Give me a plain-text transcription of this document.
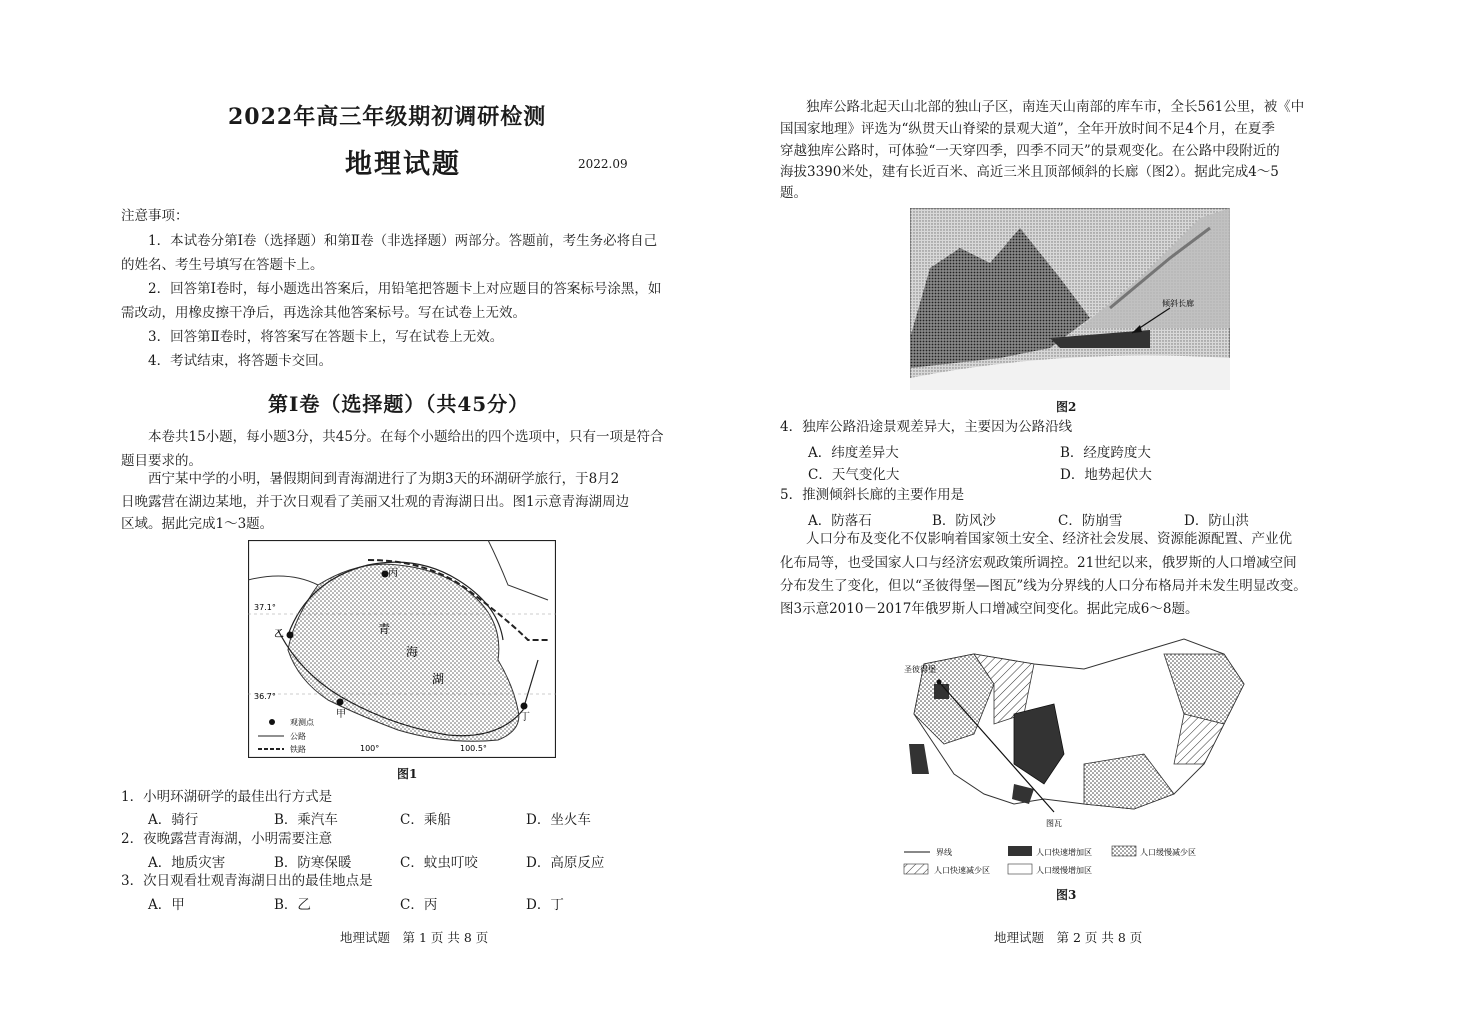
2022年高三年级期初调研检测
地理试题	2022.09
注意事项：
1．本试卷分第Ⅰ卷（选择题）和第Ⅱ卷（非选择题）两部分。答题前，考生务必将自己
的姓名、考生号填写在答题卡上。
2．回答第Ⅰ卷时，每小题选出答案后，用铅笔把答题卡上对应题目的答案标号涂黑，如
需改动，用橡皮擦干净后，再选涂其他答案标号。写在试卷上无效。
3．回答第Ⅱ卷时，将答案写在答题卡上，写在试卷上无效。
4．考试结束，将答题卡交回。
第Ⅰ卷（选择题）（共45分）
本卷共15小题，每小题3分，共45分。在每个小题给出的四个选项中，只有一项是符合
题目要求的。
西宁某中学的小明，暑假期间到青海湖进行了为期3天的环湖研学旅行，于8月2
日晚露营在湖边某地，并于次日观看了美丽又壮观的青海湖日出。图1示意青海湖周边
区域。据此完成1～3题。
甲
乙
丙
丁
青
海
湖
37.1°
36.7°
100°	100.5°
观测点
公路
铁路
图1
1．小明环湖研学的最佳出行方式是
A．骑行	B．乘汽车	C．乘船	D．坐火车
2．夜晚露营青海湖，小明需要注意
A．地质灾害	B．防寒保暖	C．蚊虫叮咬	D．高原反应
3．次日观看壮观青海湖日出的最佳地点是
A．甲	B．乙	C．丙	D．丁
地理试题　第 1 页 共 8 页
独库公路北起天山北部的独山子区，南连天山南部的库车市，全长561公里，被《中
国国家地理》评选为“纵贯天山脊梁的景观大道”，全年开放时间不足4个月，在夏季
穿越独库公路时，可体验“一天穿四季，四季不同天”的景观变化。在公路中段附近的
海拔3390米处，建有长近百米、高近三米且顶部倾斜的长廊（图2）。据此完成4～5
题。
倾斜长廊
图2
4．独库公路沿途景观差异大，主要因为公路沿线
A．纬度差异大	B．经度跨度大
C．天气变化大	D．地势起伏大
5．推测倾斜长廊的主要作用是
A．防落石	B．防风沙	C．防崩雪	D．防山洪
人口分布及变化不仅影响着国家领土安全、经济社会发展、资源能源配置、产业优
化布局等，也受国家人口与经济宏观政策所调控。21世纪以来，俄罗斯的人口增减空间
分布发生了变化，但以“圣彼得堡—图瓦”线为分界线的人口分布格局并未发生明显改变。
图3示意2010－2017年俄罗斯人口增减空间变化。据此完成6～8题。
圣彼得堡
图瓦
界线	人口快速增加区	人口缓慢减少区
人口快速减少区	人口缓慢增加区
图3
地理试题　第 2 页 共 8 页
